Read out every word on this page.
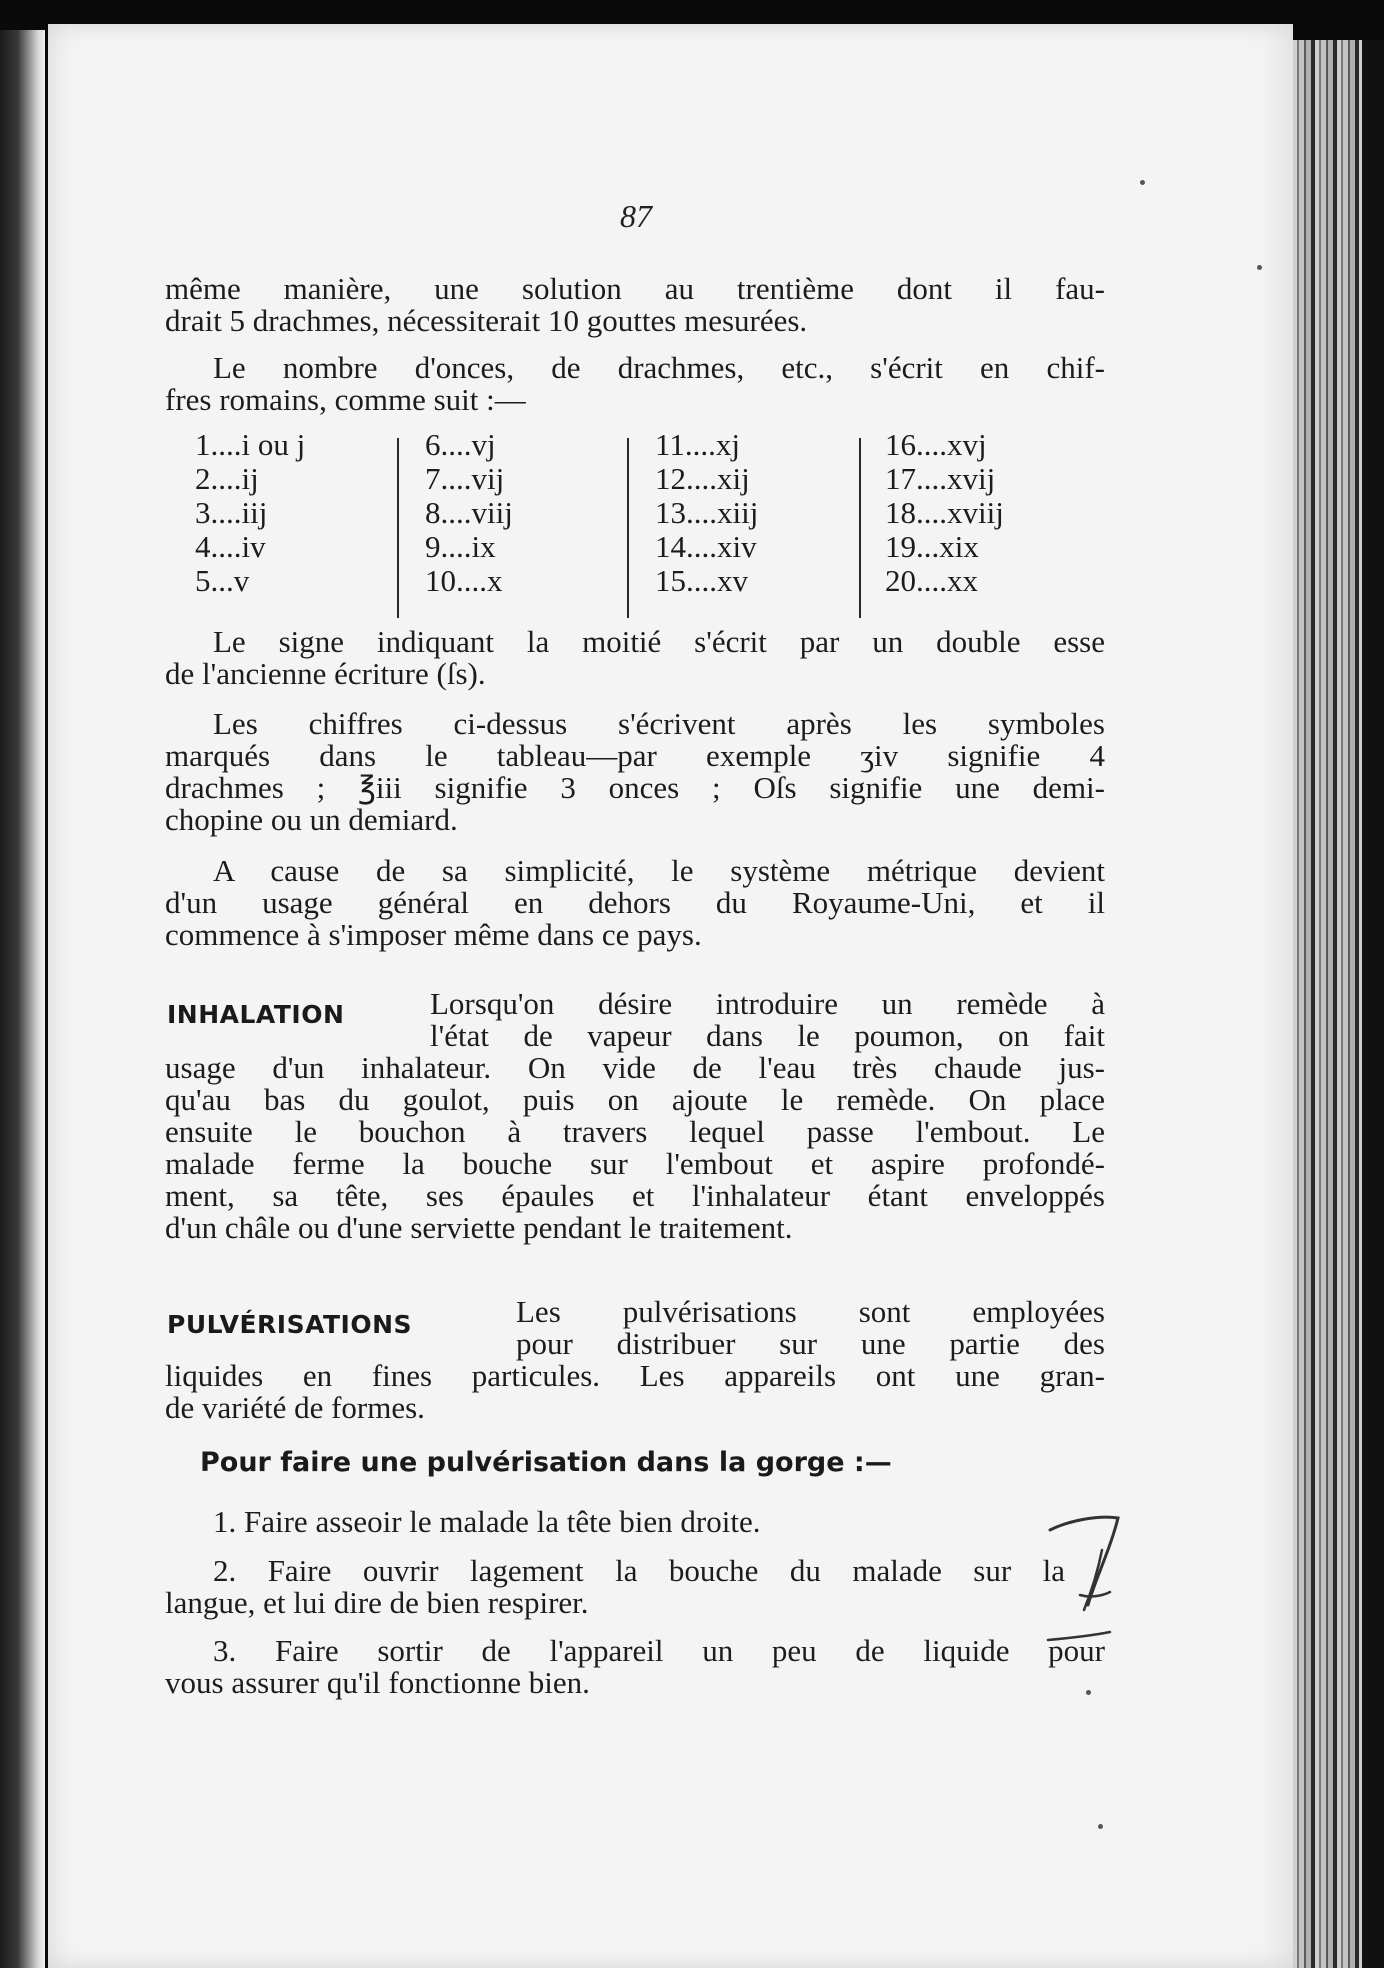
87

même manière, une solution au trentième dont il fau-
drait 5 drachmes, nécessiterait 10 gouttes mesurées.

Le nombre d'onces, de drachmes, etc., s'écrit en chif-
fres romains, comme suit :—

1....i ou j
2....ij
3....iij
4....iv
5...v
6....vj
7....vij
8....viij
9....ix
10....x
11....xj
12....xij
13....xiij
14....xiv
15....xv
16....xvj
17....xvij
18....xviij
19...xix
20....xx

Le signe indiquant la moitié s'écrit par un double esse
de l'ancienne écriture (ſs).

Les chiffres ci-dessus s'écrivent après les symboles
marqués dans le tableau—par exemple ʒiv signifie 4
drachmes ; ℥iii signifie 3 onces ; Oſs signifie une demi-
chopine ou un demiard.

A cause de sa simplicité, le système métrique devient
d'un usage général en dehors du Royaume-Uni, et il
commence à s'imposer même dans ce pays.

INHALATION	Lorsqu'on désire introduire un remède à
l'état de vapeur dans le poumon, on fait

usage d'un inhalateur. On vide de l'eau très chaude jus-
qu'au bas du goulot, puis on ajoute le remède. On place
ensuite le bouchon à travers lequel passe l'embout. Le
malade ferme la bouche sur l'embout et aspire profondé-
ment, sa tête, ses épaules et l'inhalateur étant enveloppés
d'un châle ou d'une serviette pendant le traitement.

PULVÉRISATIONS	Les pulvérisations sont employées
pour distribuer sur une partie des

liquides en fines particules. Les appareils ont une gran-
de variété de formes.

Pour faire une pulvérisation dans la gorge :—

1. Faire asseoir le malade la tête bien droite.

2. Faire ouvrir lagement la bouche du malade sur la
langue, et lui dire de bien respirer.

3. Faire sortir de l'appareil un peu de liquide pour
vous assurer qu'il fonctionne bien.
